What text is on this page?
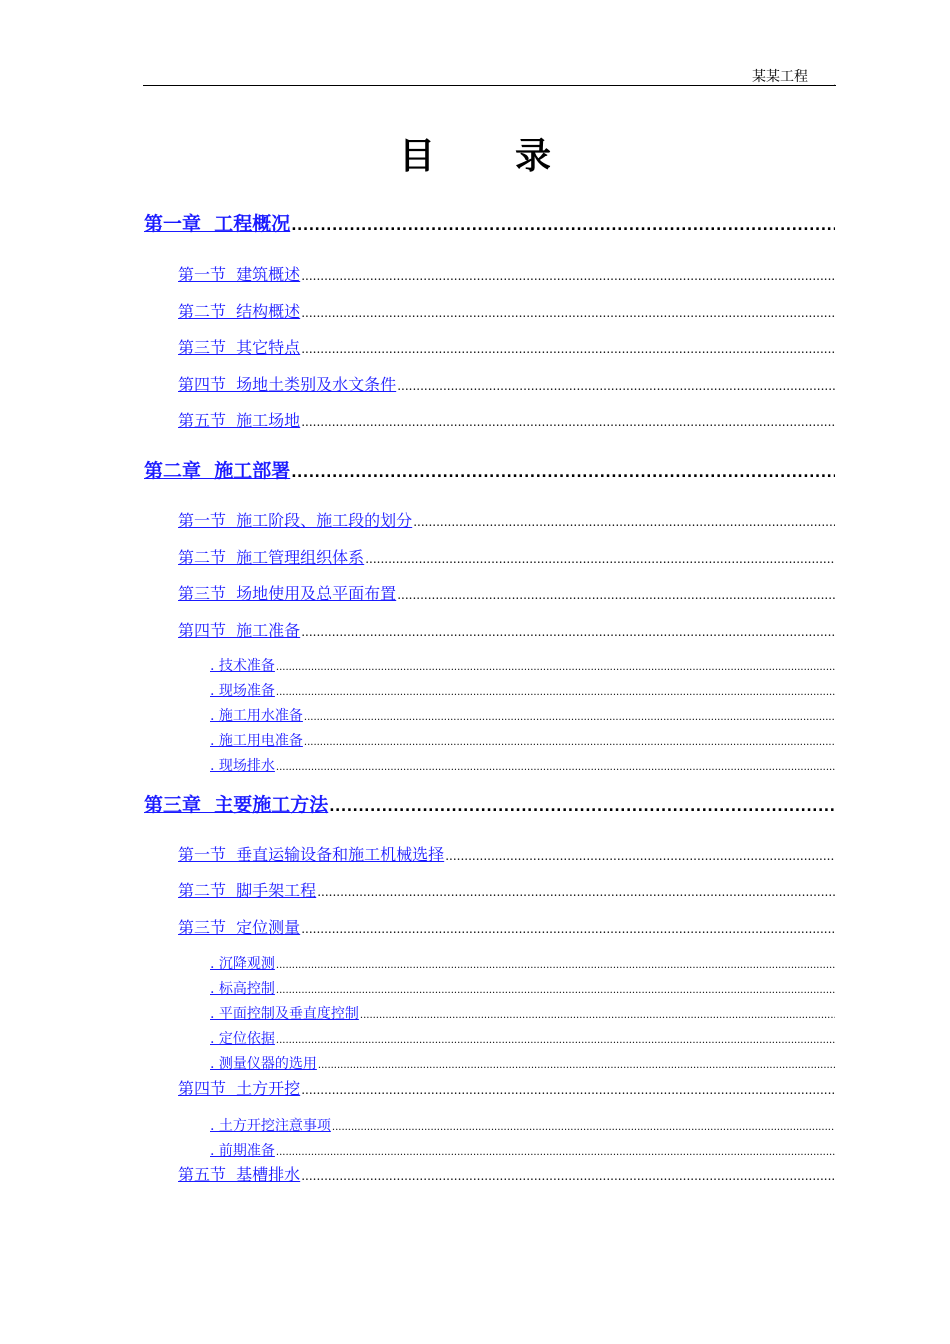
某某工程	.
目 录
第一章  工程概况
.....
第一节  建筑概述
.....
第二节  结构概述
.....
第三节  其它特点
.....
第四节  场地土类别及水文条件
.....
第五节  施工场地
.....
第二章  施工部署
.....
第一节  施工阶段、施工段的划分
.....
第二节  施工管理组织体系
.....
第三节  场地使用及总平面布置
.....
第四节  施工准备
.....
. 技术准备
.....
. 现场准备
.....
. 施工用水准备
.....
. 施工用电准备
.....
. 现场排水
.....
第三章  主要施工方法
.....
第一节  垂直运输设备和施工机械选择
.....
第二节  脚手架工程
.....
第三节  定位测量
.....
. 沉降观测
.....
. 标高控制
.....
. 平面控制及垂直度控制
.....
. 定位依据
.....
. 测量仪器的选用
.....
第四节  土方开挖
.....
. 土方开挖注意事项
.....
. 前期准备
.....
第五节  基槽排水
.....
